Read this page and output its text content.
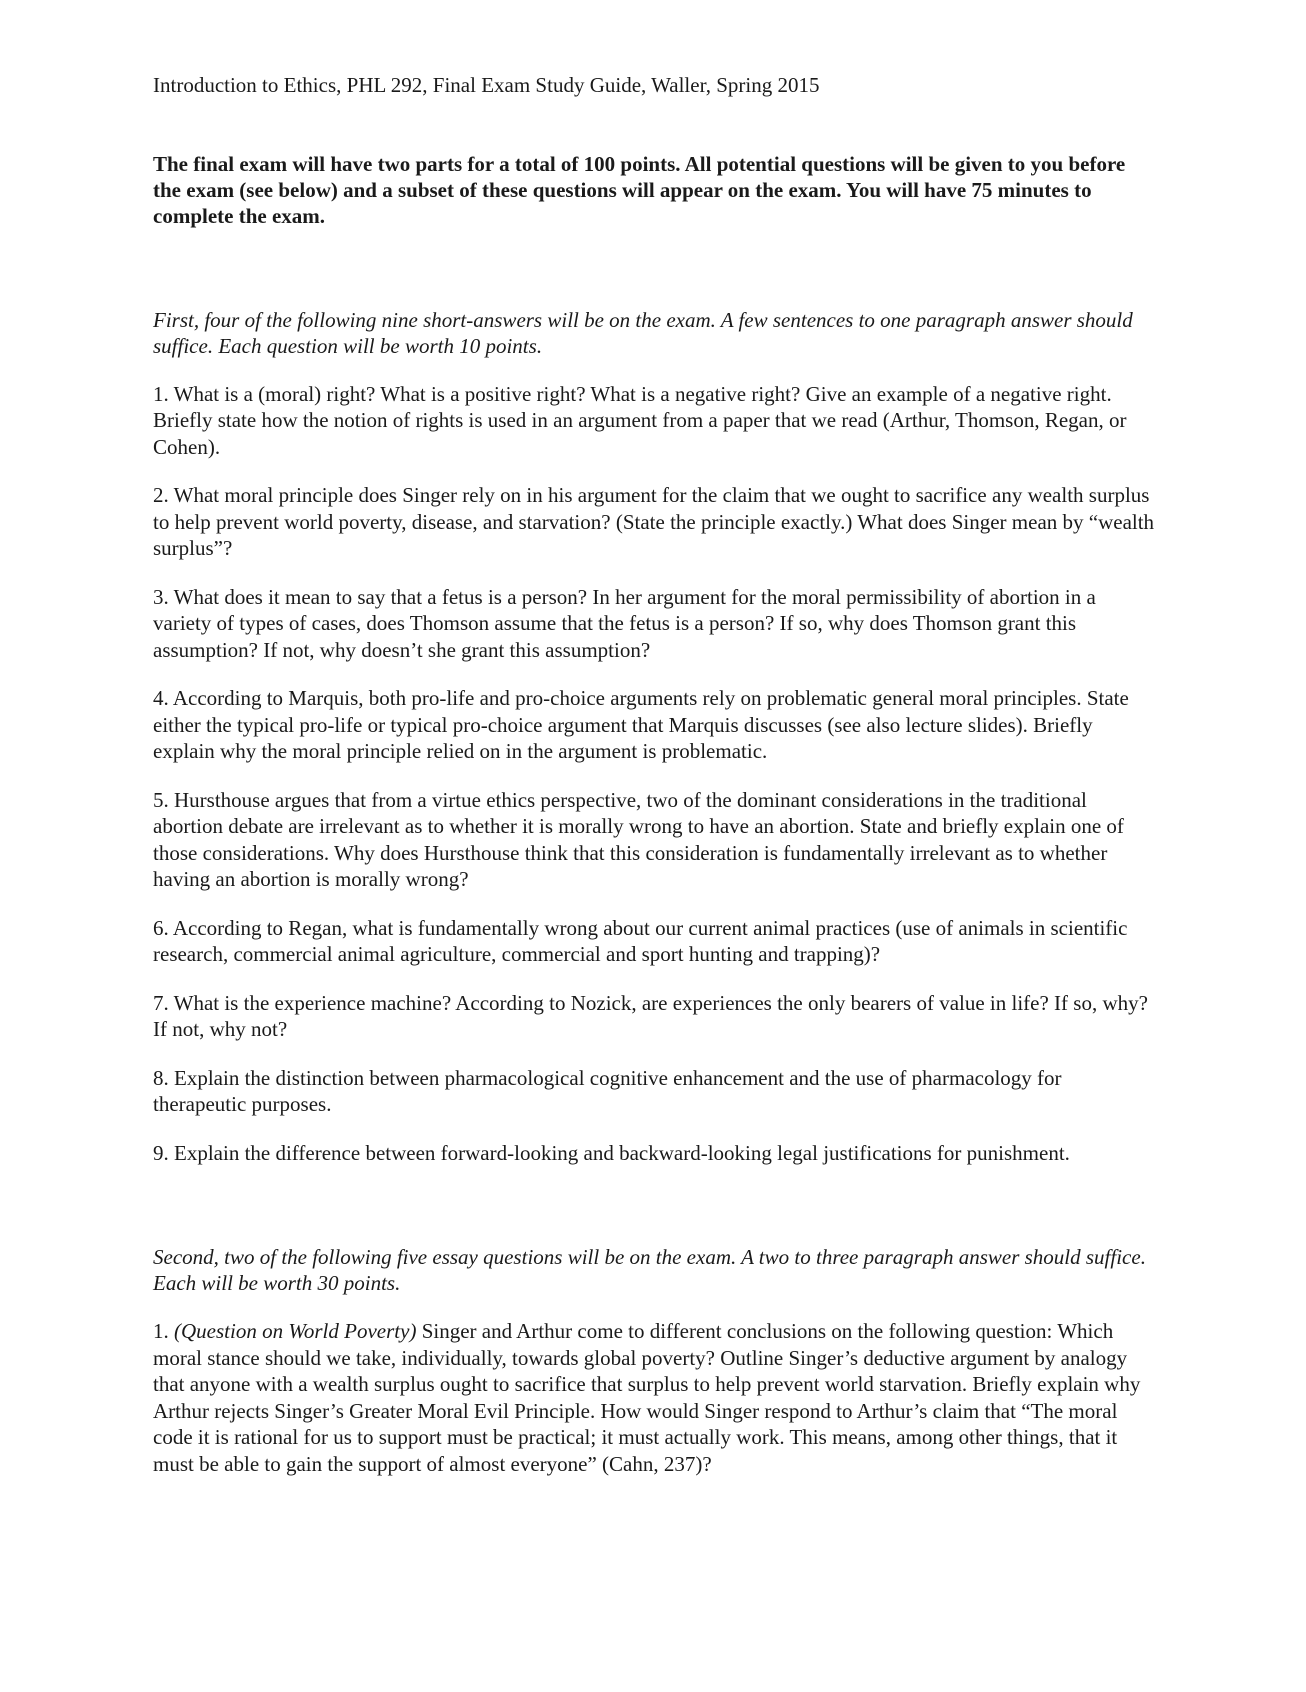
Introduction to Ethics, PHL 292, Final Exam Study Guide, Waller, Spring 2015

The final exam will have two parts for a total of 100 points. All potential questions will be given to you before the exam (see below) and a subset of these questions will appear on the exam. You will have 75 minutes to complete the exam.

First, four of the following nine short-answers will be on the exam. A few sentences to one paragraph answer should suffice. Each question will be worth 10 points.

1. What is a (moral) right? What is a positive right? What is a negative right? Give an example of a negative right. Briefly state how the notion of rights is used in an argument from a paper that we read (Arthur, Thomson, Regan, or Cohen).

2. What moral principle does Singer rely on in his argument for the claim that we ought to sacrifice any wealth surplus to help prevent world poverty, disease, and starvation? (State the principle exactly.) What does Singer mean by “wealth surplus”?

3. What does it mean to say that a fetus is a person? In her argument for the moral permissibility of abortion in a variety of types of cases, does Thomson assume that the fetus is a person? If so, why does Thomson grant this assumption? If not, why doesn’t she grant this assumption?

4. According to Marquis, both pro-life and pro-choice arguments rely on problematic general moral principles. State either the typical pro-life or typical pro-choice argument that Marquis discusses (see also lecture slides). Briefly explain why the moral principle relied on in the argument is problematic.

5. Hursthouse argues that from a virtue ethics perspective, two of the dominant considerations in the traditional abortion debate are irrelevant as to whether it is morally wrong to have an abortion. State and briefly explain one of those considerations. Why does Hursthouse think that this consideration is fundamentally irrelevant as to whether having an abortion is morally wrong?

6. According to Regan, what is fundamentally wrong about our current animal practices (use of animals in scientific research, commercial animal agriculture, commercial and sport hunting and trapping)?

7. What is the experience machine? According to Nozick, are experiences the only bearers of value in life? If so, why? If not, why not?

8. Explain the distinction between pharmacological cognitive enhancement and the use of pharmacology for therapeutic purposes.

9. Explain the difference between forward-looking and backward-looking legal justifications for punishment.

Second, two of the following five essay questions will be on the exam. A two to three paragraph answer should suffice. Each will be worth 30 points.

1. (Question on World Poverty) Singer and Arthur come to different conclusions on the following question: Which moral stance should we take, individually, towards global poverty? Outline Singer’s deductive argument by analogy that anyone with a wealth surplus ought to sacrifice that surplus to help prevent world starvation. Briefly explain why Arthur rejects Singer’s Greater Moral Evil Principle. How would Singer respond to Arthur’s claim that “The moral code it is rational for us to support must be practical; it must actually work. This means, among other things, that it must be able to gain the support of almost everyone” (Cahn, 237)?
